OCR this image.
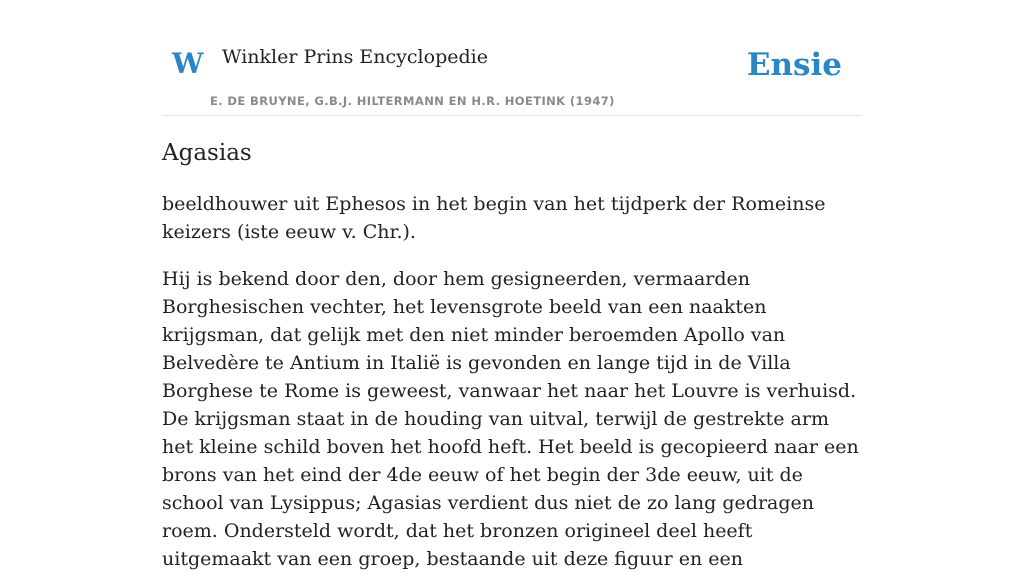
W Winkler Prins Encyclopedie
E. DE BRUYNE, G.B.J. HILTERMANN EN H.R. HOETINK (1947)
Ensie
Agasias

beeldhouwer uit Ephesos in het begin van het tijdperk der Romeinse keizers (iste eeuw v. Chr.).

Hij is bekend door den, door hem gesigneerden, vermaarden Borghesischen vechter, het levensgrote beeld van een naakten krijgsman, dat gelijk met den niet minder beroemden Apollo van Belvedère te Antium in Italië is gevonden en lange tijd in de Villa Borghese te Rome is geweest, vanwaar het naar het Louvre is verhuisd. De krijgsman staat in de houding van uitval, terwijl de gestrekte arm het kleine schild boven het hoofd heft. Het beeld is gecopieerd naar een brons van het eind der 4de eeuw of het begin der 3de eeuw, uit de school van Lysippus; Agasias verdient dus niet de zo lang gedragen roem. Ondersteld wordt, dat het bronzen origineel deel heeft uitgemaakt van een groep, bestaande uit deze figuur en een
